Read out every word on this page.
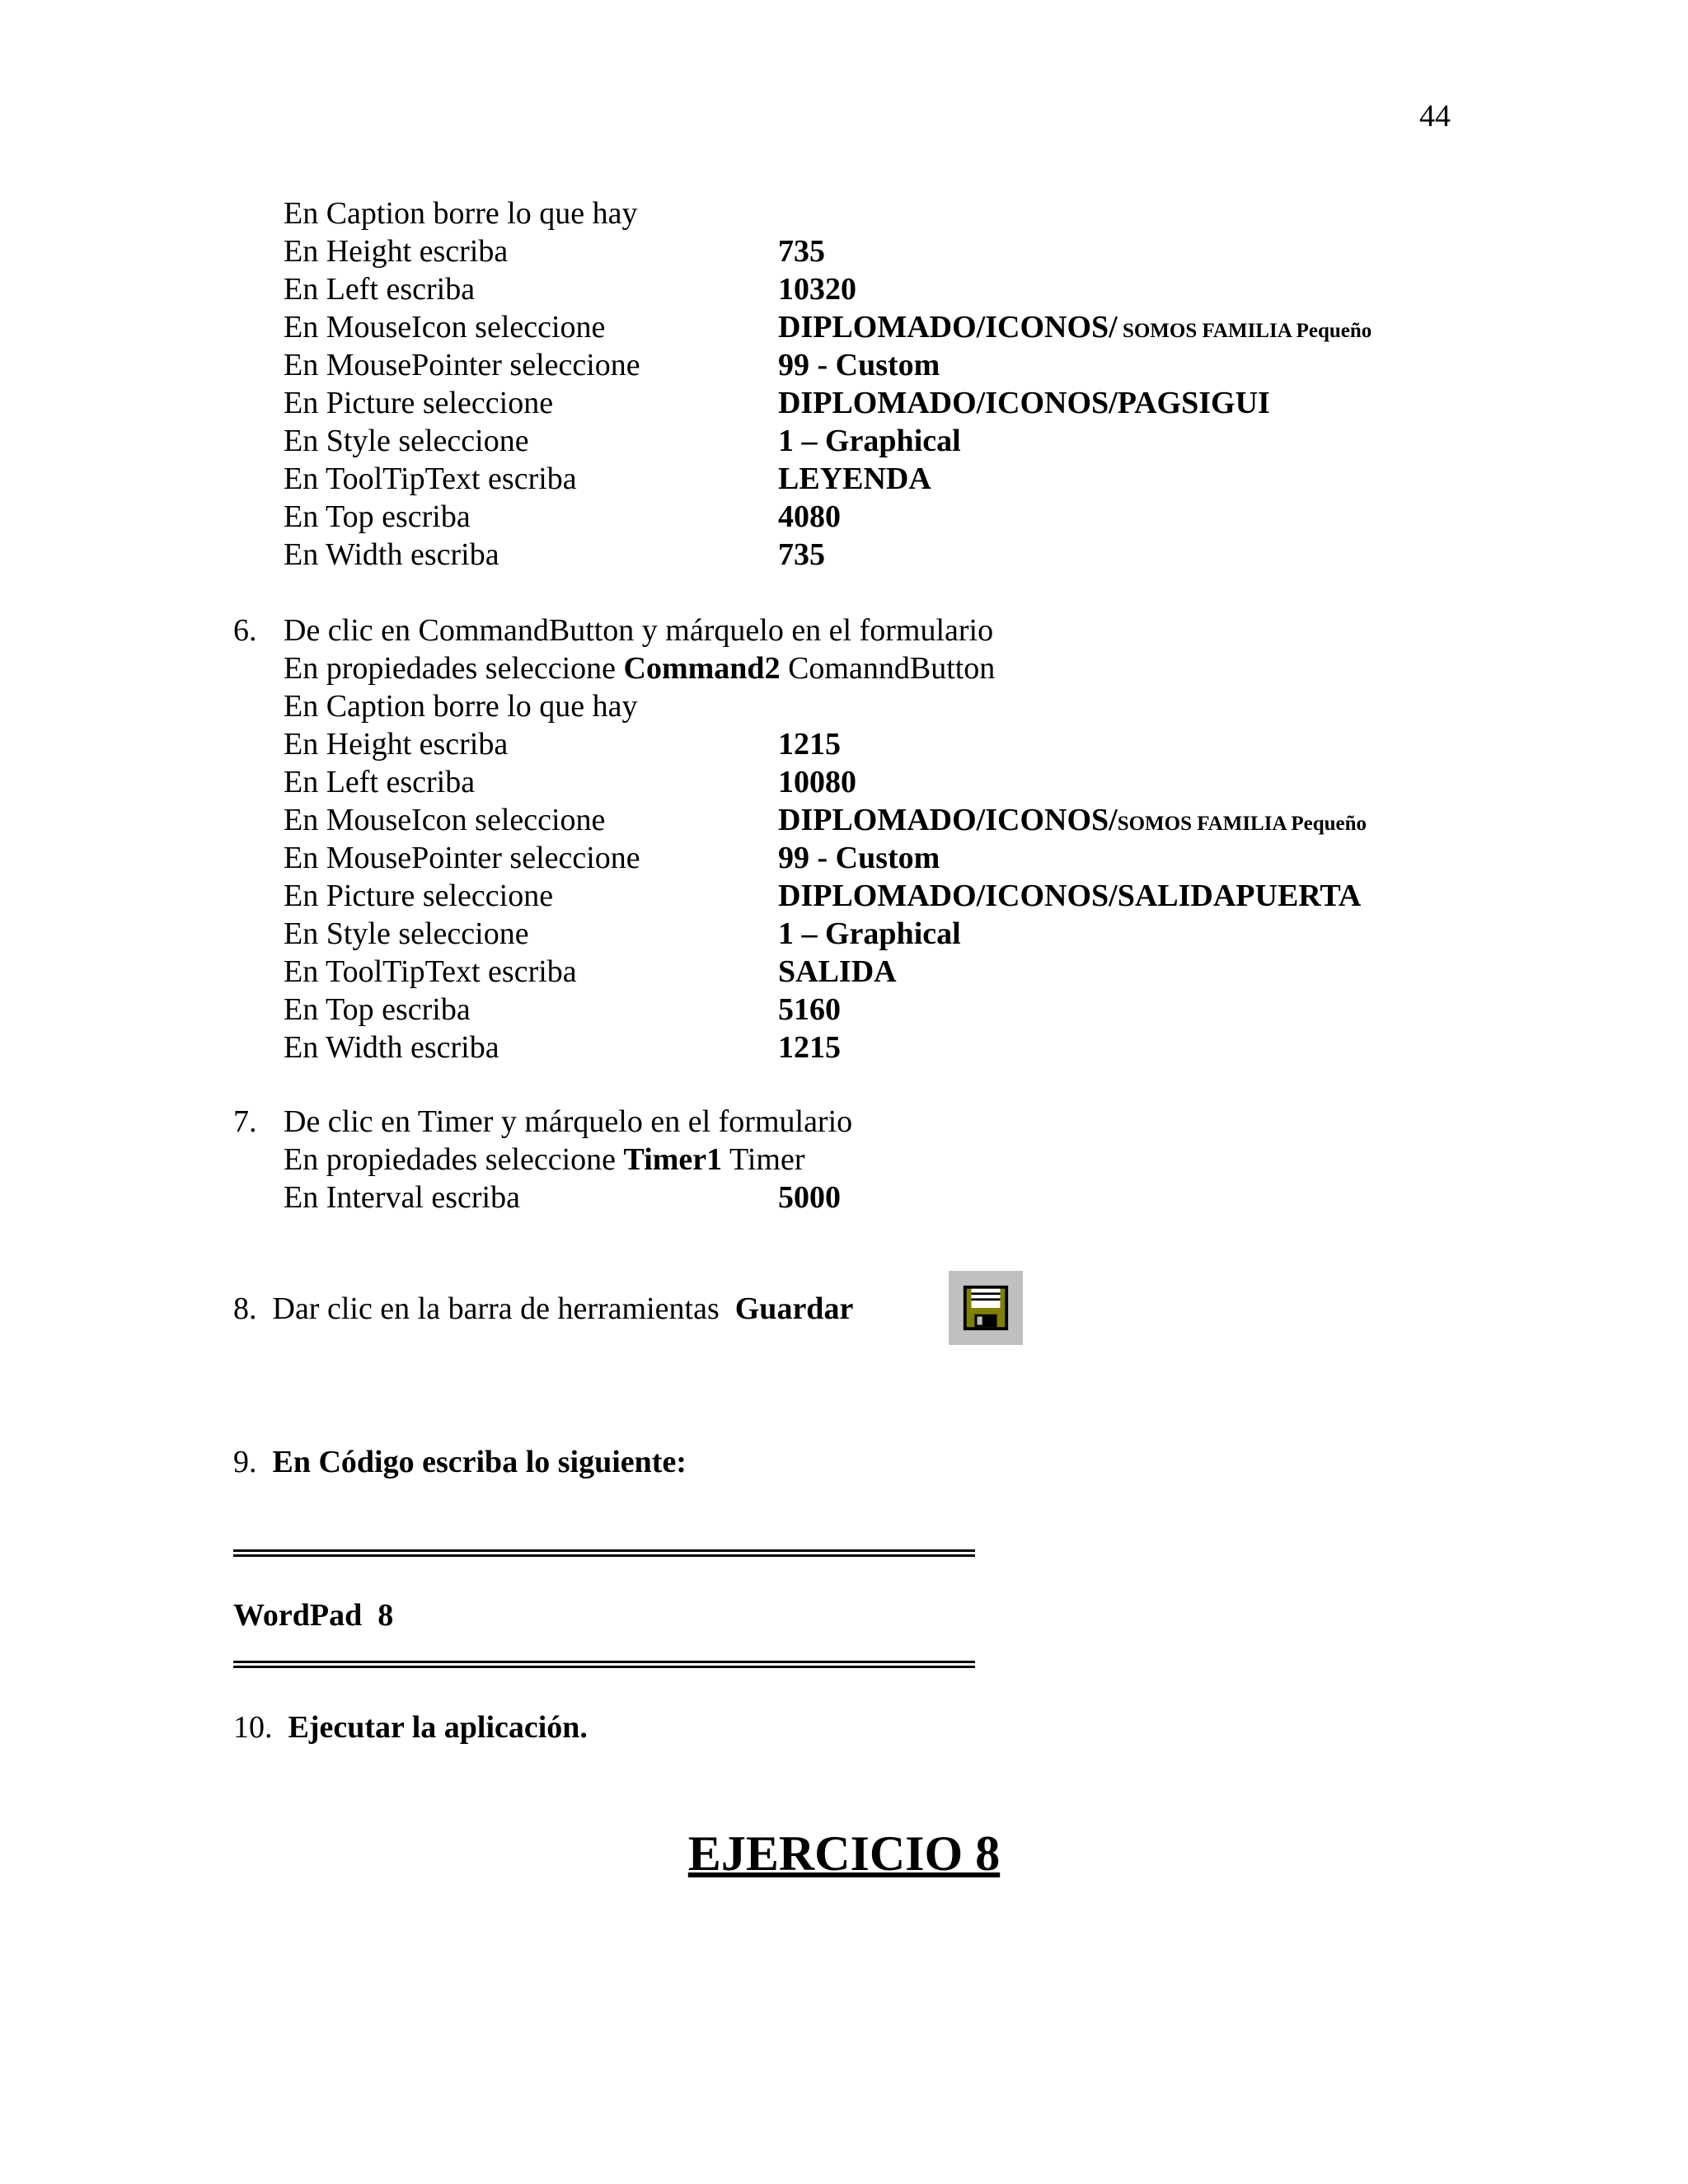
44
En Caption borre lo que hay
En Height escriba	735
En Left escriba	10320
En MouseIcon seleccione	DIPLOMADO/ICONOS/ SOMOS FAMILIA Pequeño
En MousePointer seleccione	99 - Custom
En Picture seleccione	DIPLOMADO/ICONOS/PAGSIGUI
En Style seleccione	1 – Graphical
En ToolTipText escriba	LEYENDA
En Top escriba	4080
En Width escriba	735
6. De clic en CommandButton y márquelo en el formulario
En propiedades seleccione Command2 ComanndButton
En Caption borre lo que hay
En Height escriba	1215
En Left escriba	10080
En MouseIcon seleccione	DIPLOMADO/ICONOS/SOMOS FAMILIA Pequeño
En MousePointer seleccione	99 - Custom
En Picture seleccione	DIPLOMADO/ICONOS/SALIDAPUERTA
En Style seleccione	1 – Graphical
En ToolTipText escriba	SALIDA
En Top escriba	5160
En Width escriba	1215
7. De clic en Timer y márquelo en el formulario
En propiedades seleccione Timer1 Timer
En Interval escriba	5000
8.  Dar clic en la barra de herramientas  Guardar
9.  En Código escriba lo siguiente:
WordPad  8
10.  Ejecutar la aplicación.
EJERCICIO 8
